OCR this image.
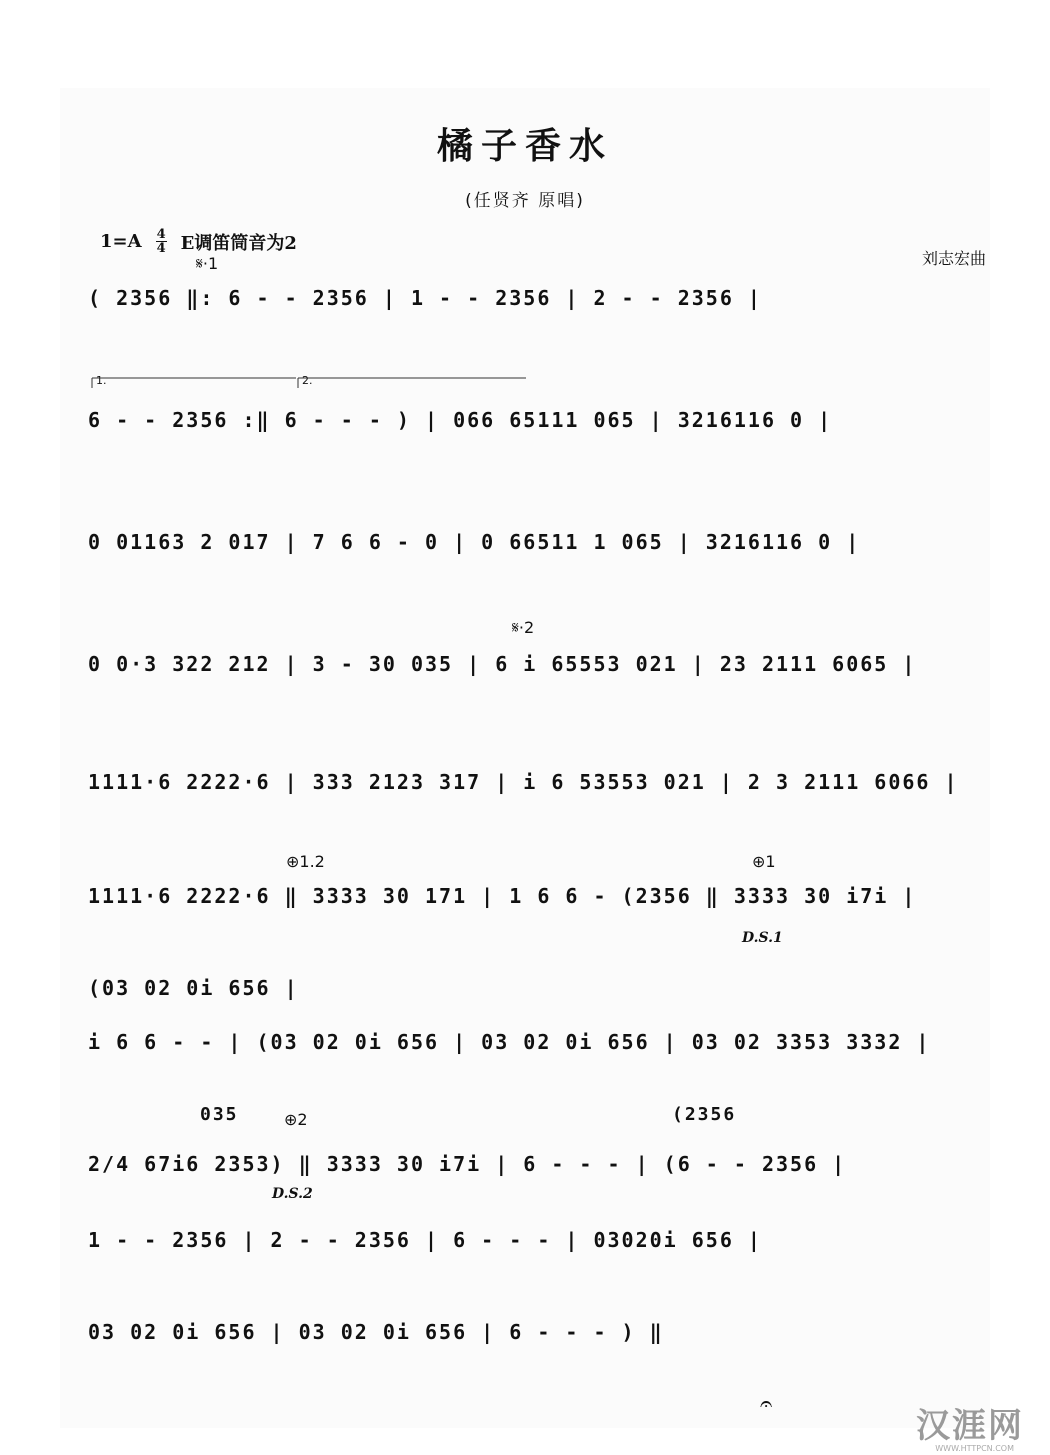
橘子香水
(任贤齐 原唱)
$1=A \frac{4}{4}$ E调笛筒音为2
刘志宏曲
𝄋·1
1.	2.
𝄋·2
⊕1.2	⊕1
⊕2
D.S.1
D.S.2
𝄐
( 2356 ‖: 6 - - 2356 | 1 - - 2356 | 2 - - 2356 |
6 - - 2356 :‖ 6 - - - ) | 066 65111 065 | 3216116 0 |
0 01163 2 017 | 7 6 6 - 0 | 0 66511 1 065 | 3216116 0 |
0 0·3 322 212 | 3 - 30 035 | 6 i 65553 021 | 23 2111 6065 |
1111·6 2222·6 | 333 2123 317 | i 6 53553 021 | 2 3 2111 6066 |
1111·6 2222·6 ‖ 3333 30 171 | 1 6 6 - (2356 ‖ 3333 30 i7i |
(03 02 0i 656 |
i 6 6 - - | (03 02 0i 656 | 03 02 0i 656 | 03 02 3353 3332 |
2/4 67i6 2353) ‖ 3333 30 i7i | 6 - - - | (6 - - 2356 |
1 - - 2356 | 2 - - 2356 | 6 - - - | 03020i 656 |
03 02 0i 656 | 03 02 0i 656 | 6 - - - ) ‖
035	(2356
汉涯网
WWW.HTTPCN.COM
